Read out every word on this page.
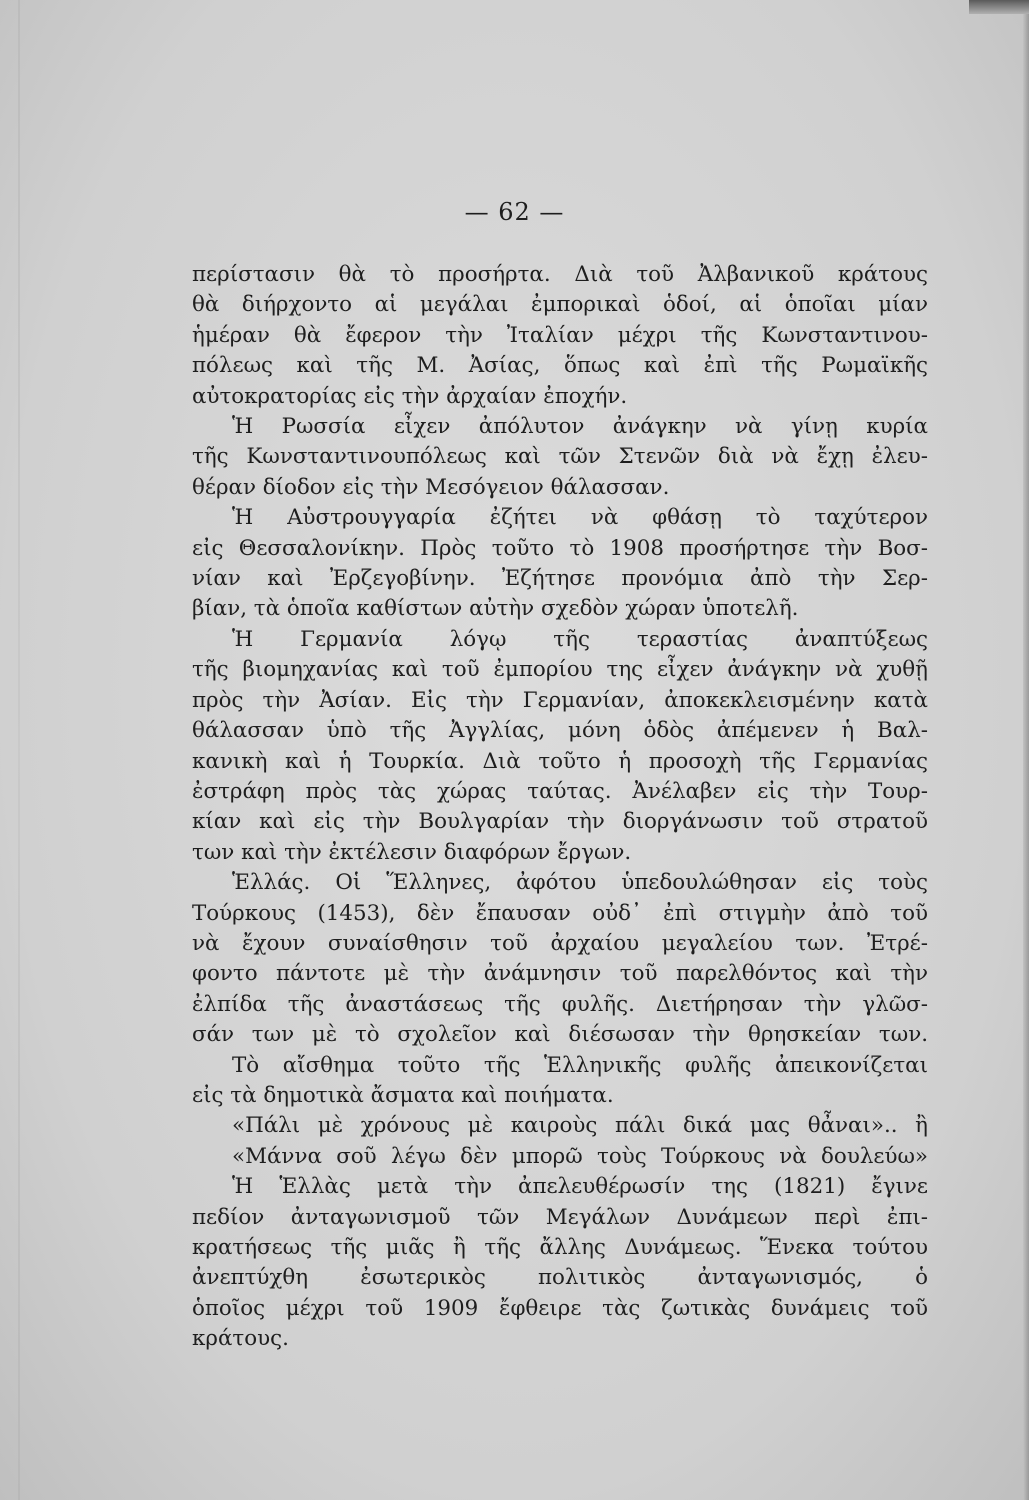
— 62 —
περίστασιν θὰ τὸ προσήρτα. Διὰ τοῦ Ἀλβανικοῦ κράτους
θὰ διήρχοντο αἱ μεγάλαι ἐμπορικαὶ ὁδοί, αἱ ὁποῖαι μίαν
ἡμέραν θὰ ἔφερον τὴν Ἰταλίαν μέχρι τῆς Κωνσταντινου-
πόλεως καὶ τῆς Μ. Ἀσίας, ὅπως καὶ ἐπὶ τῆς Ρωμαϊκῆς
αὐτοκρατορίας εἰς τὴν ἀρχαίαν ἐποχήν.
Ἡ Ρωσσία εἶχεν ἀπόλυτον ἀνάγκην νὰ γίνῃ κυρία
τῆς Κωνσταντινουπόλεως καὶ τῶν Στενῶν διὰ νὰ ἔχῃ ἐλευ-
θέραν δίοδον εἰς τὴν Μεσόγειον θάλασσαν.
Ἡ Αὐστρουγγαρία ἐζήτει νὰ φθάσῃ τὸ ταχύτερον
εἰς Θεσσαλονίκην. Πρὸς τοῦτο τὸ 1908 προσήρτησε τὴν Βοσ-
νίαν καὶ Ἐρζεγοβίνην. Ἐζήτησε προνόμια ἀπὸ τὴν Σερ-
βίαν, τὰ ὁποῖα καθίστων αὐτὴν σχεδὸν χώραν ὑποτελῆ.
Ἡ Γερμανία λόγῳ τῆς τεραστίας ἀναπτύξεως
τῆς βιομηχανίας καὶ τοῦ ἐμπορίου της εἶχεν ἀνάγκην νὰ χυθῇ
πρὸς τὴν Ἀσίαν. Εἰς τὴν Γερμανίαν, ἀποκεκλεισμένην κατὰ
θάλασσαν ὑπὸ τῆς Ἀγγλίας, μόνη ὁδὸς ἀπέμενεν ἡ Βαλ-
κανικὴ καὶ ἡ Τουρκία. Διὰ τοῦτο ἡ προσοχὴ τῆς Γερμανίας
ἐστράφη πρὸς τὰς χώρας ταύτας. Ἀνέλαβεν εἰς τὴν Τουρ-
κίαν καὶ εἰς τὴν Βουλγαρίαν τὴν διοργάνωσιν τοῦ στρατοῦ
των καὶ τὴν ἐκτέλεσιν διαφόρων ἔργων.
Ἑλλάς. Οἱ Ἕλληνες, ἀφότου ὑπεδουλώθησαν εἰς τοὺς
Τούρκους (1453), δὲν ἔπαυσαν οὐδ᾿ ἐπὶ στιγμὴν ἀπὸ τοῦ
νὰ ἔχουν συναίσθησιν τοῦ ἀρχαίου μεγαλείου των. Ἐτρέ-
φοντο πάντοτε μὲ τὴν ἀνάμνησιν τοῦ παρελθόντος καὶ τὴν
ἐλπίδα τῆς ἀναστάσεως τῆς φυλῆς. Διετήρησαν τὴν γλῶσ-
σάν των μὲ τὸ σχολεῖον καὶ διέσωσαν τὴν θρησκείαν των.
Τὸ αἴσθημα τοῦτο τῆς Ἑλληνικῆς φυλῆς ἀπεικονίζεται
εἰς τὰ δημοτικὰ ἄσματα καὶ ποιήματα.
«Πάλι μὲ χρόνους μὲ καιροὺς πάλι δικά μας θἆναι».. ἢ
«Μάννα σοῦ λέγω δὲν μπορῶ τοὺς Τούρκους νὰ δουλεύω»
Ἡ Ἑλλὰς μετὰ τὴν ἀπελευθέρωσίν της (1821) ἔγινε
πεδίον ἀνταγωνισμοῦ τῶν Μεγάλων Δυνάμεων περὶ ἐπι-
κρατήσεως τῆς μιᾶς ἢ τῆς ἄλλης Δυνάμεως. Ἕνεκα τούτου
ἀνεπτύχθη ἐσωτερικὸς πολιτικὸς ἀνταγωνισμός, ὁ
ὁποῖος μέχρι τοῦ 1909 ἔφθειρε τὰς ζωτικὰς δυνάμεις τοῦ
κράτους.
